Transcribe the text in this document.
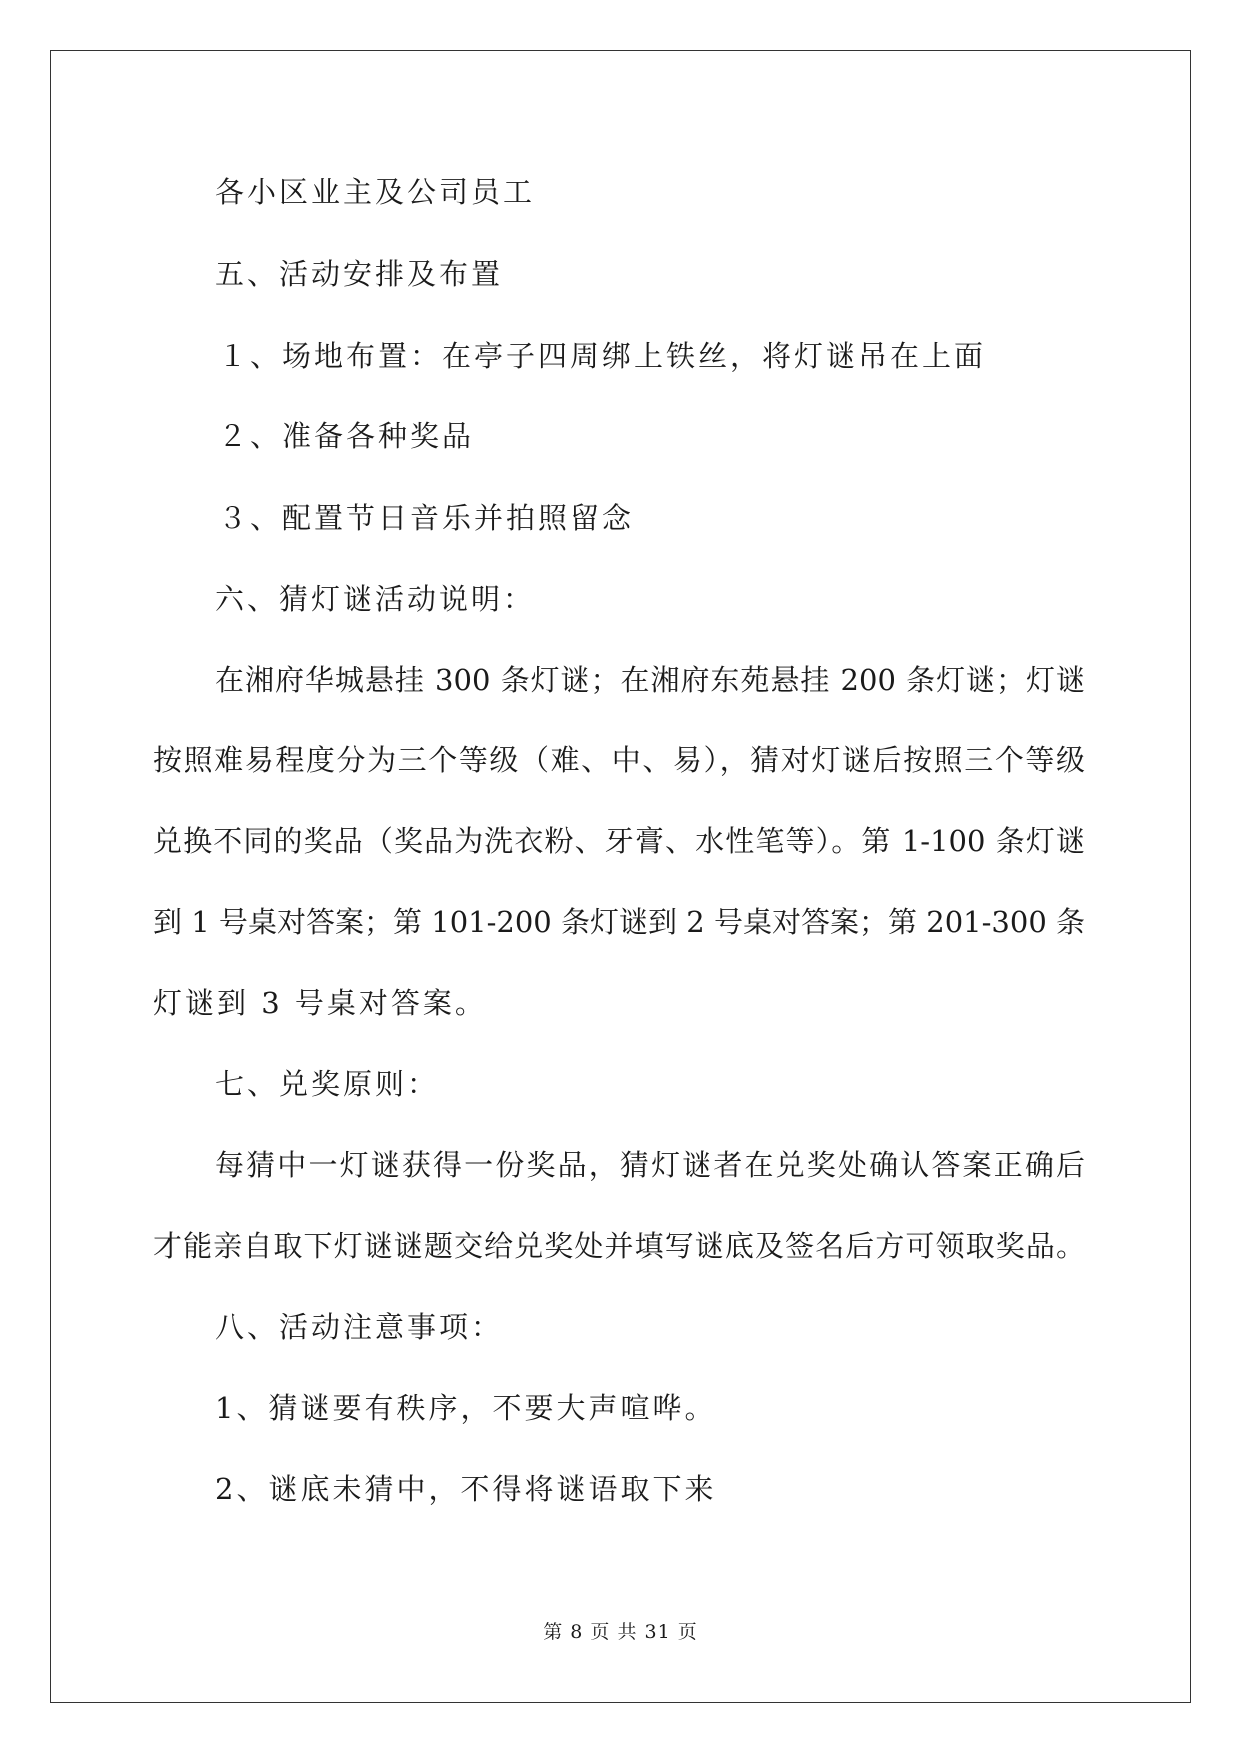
各小区业主及公司员工
五、活动安排及布置
１、场地布置：在亭子四周绑上铁丝，将灯谜吊在上面
２、准备各种奖品
３、配置节日音乐并拍照留念
六、猜灯谜活动说明：
在湘府华城悬挂 300 条灯谜；在湘府东苑悬挂 200 条灯谜；灯谜
按照难易程度分为三个等级（难、中、易），猜对灯谜后按照三个等级
兑换不同的奖品（奖品为洗衣粉、牙膏、水性笔等）。第 1-100 条灯谜
到 1 号桌对答案；第 101-200 条灯谜到 2 号桌对答案；第 201-300 条
灯谜到 3 号桌对答案。
七、兑奖原则：
每猜中一灯谜获得一份奖品，猜灯谜者在兑奖处确认答案正确后
才能亲自取下灯谜谜题交给兑奖处并填写谜底及签名后方可领取奖品。
八、活动注意事项：
1、猜谜要有秩序，不要大声喧哗。
2、谜底未猜中，不得将谜语取下来
第 8 页 共 31 页
